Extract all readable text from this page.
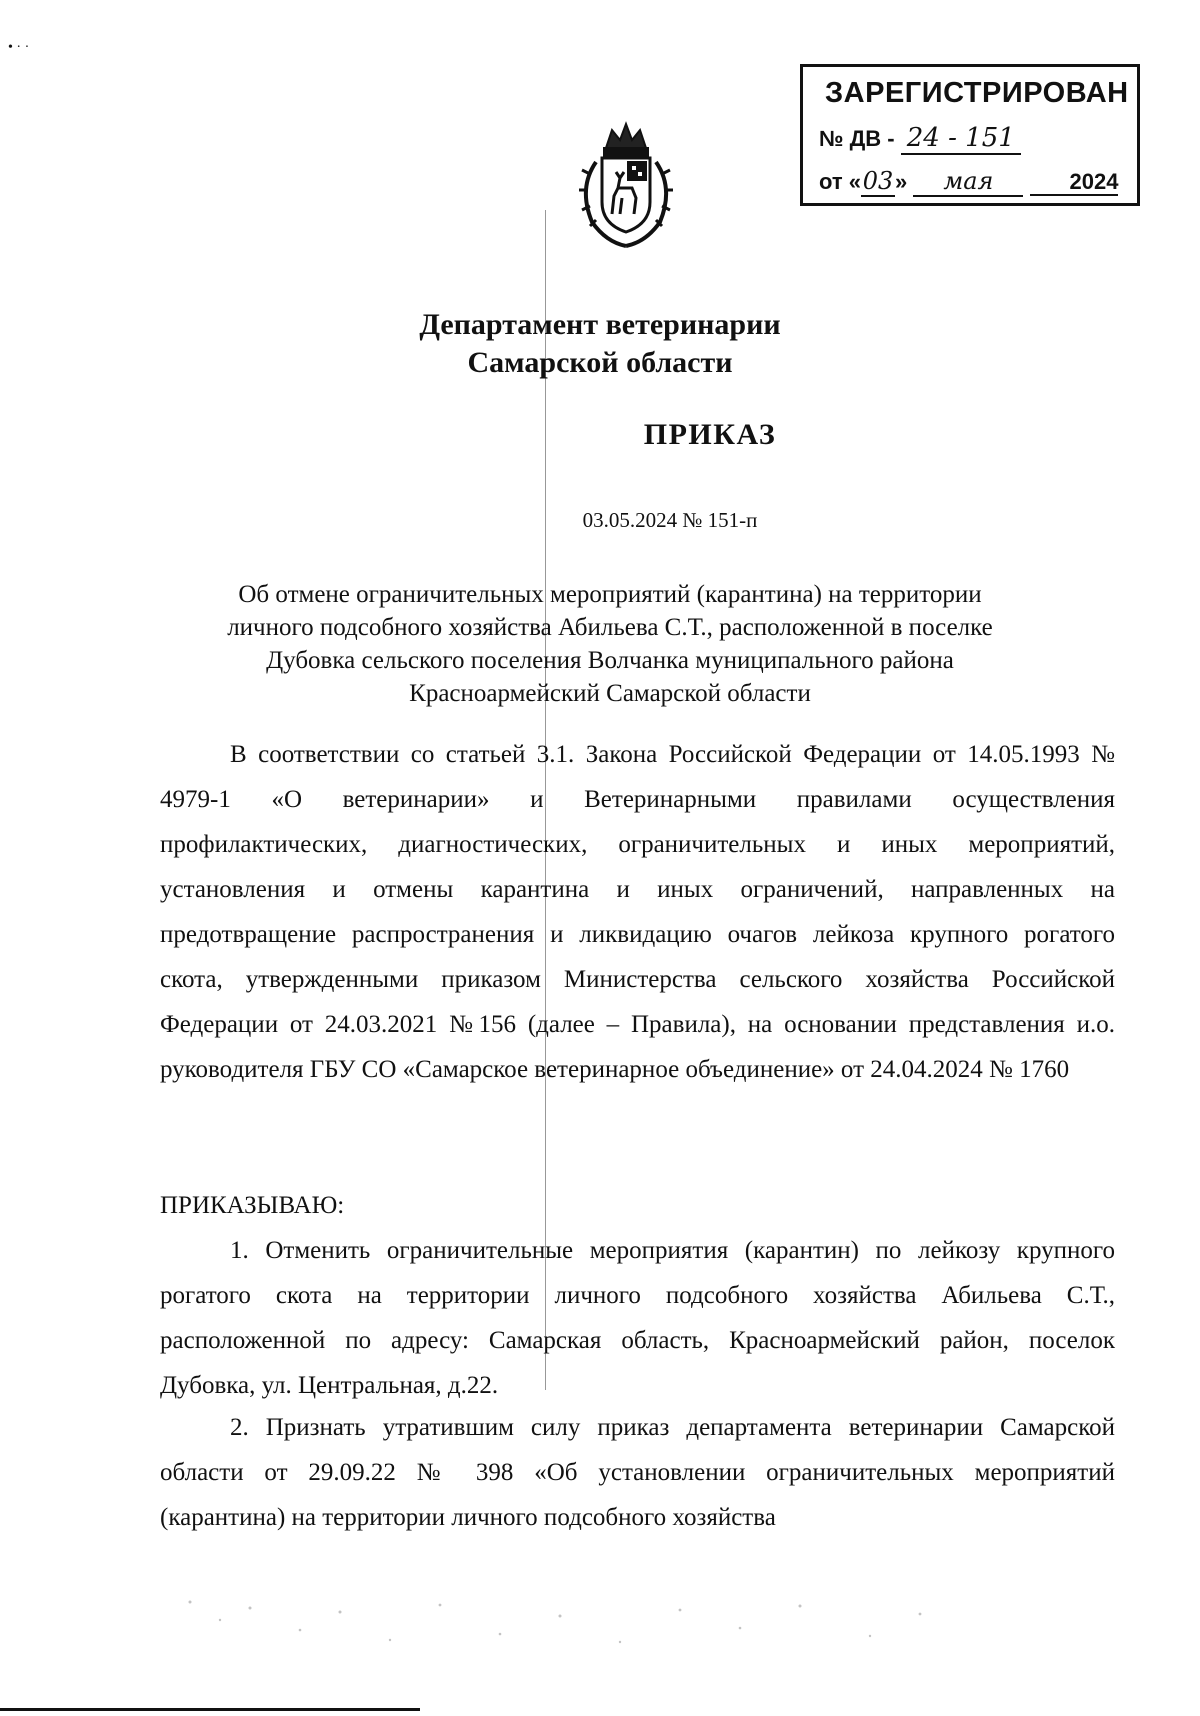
• · ·
ЗАРЕГИСТРИРОВАН
№ ДВ - 24 - 151
от «03» мая	2024
Департамент ветеринарии
Самарской области
ПРИКАЗ
03.05.2024 № 151-п
Об отмене ограничительных мероприятий (карантина) на территории
личного подсобного хозяйства Абильева С.Т., расположенной в поселке
Дубовка сельского поселения Волчанка муниципального района
Красноармейский Самарской области

В соответствии со статьей 3.1. Закона Российской Федерации от 14.05.1993 № 4979-1 «О ветеринарии» и Ветеринарными правилами осуществления профилактических, диагностических, ограничительных и иных мероприятий, установления и отмены карантина и иных ограничений, направленных на предотвращение распространения и ликвидацию очагов лейкоза крупного рогатого скота, утвержденными приказом Министерства сельского хозяйства Российской Федерации от 24.03.2021 №156 (далее – Правила), на основании представления и.о. руководителя ГБУ СО «Самарское ветеринарное объединение» от 24.04.2024 № 1760

ПРИКАЗЫВАЮ:

1. Отменить ограничительные мероприятия (карантин) по лейкозу крупного рогатого скота на территории личного подсобного хозяйства Абильева С.Т., расположенной по адресу: Самарская область, Красноармейский район, поселок Дубовка, ул. Центральная, д.22.

2. Признать утратившим силу приказ департамента ветеринарии Самарской области от 29.09.22 № 398 «Об установлении ограничительных мероприятий (карантина) на территории личного подсобного хозяйства
